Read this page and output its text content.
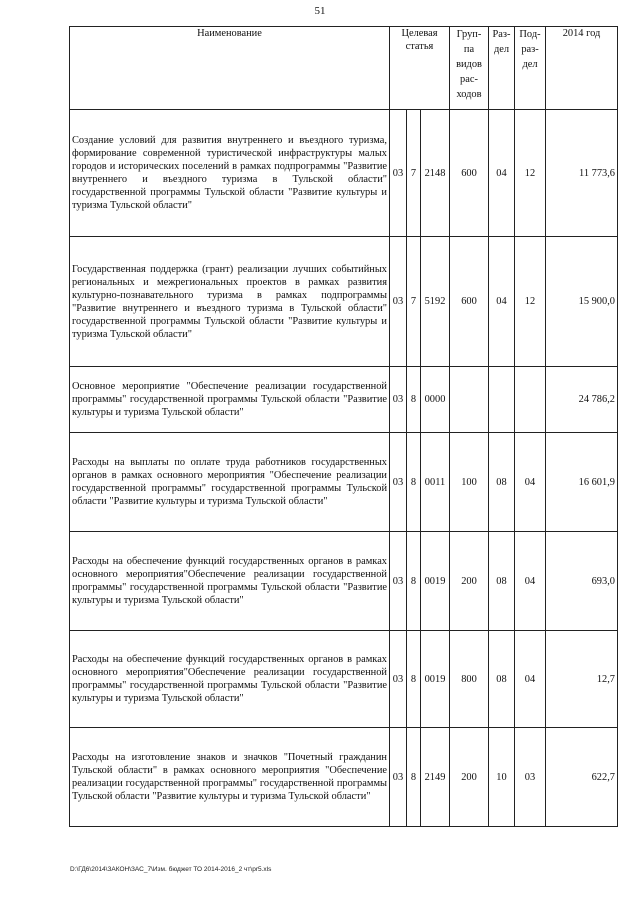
51
Наименование	Целевая статья			Груп-па видов рас-ходов	Раз-дел	Под-раз-дел	2014 год
Создание условий для развития внутреннего и въездного туризма, формирование современной туристической инфраструктуры малых городов и исторических поселений в рамках подпрограммы "Развитие внутреннего и въездного туризма в Тульской области" государственной программы Тульской области "Развитие культуры и туризма Тульской области"	03	7	2148	600	04	12	11 773,6
Государственная поддержка (грант) реализации лучших событийных региональных и межрегиональных проектов в рамках развития культурно-познавательного туризма в рамках подпрограммы "Развитие внутреннего и въездного туризма в Тульской области" государственной программы Тульской области "Развитие культуры и туризма Тульской области"	03	7	5192	600	04	12	15 900,0
Основное мероприятие "Обеспечение реализации государственной программы" государственной программы Тульской области "Развитие культуры и туризма Тульской области"	03	8	0000				24 786,2
Расходы на выплаты по оплате труда работников государственных органов в рамках основного мероприятия "Обеспечение реализации государственной программы" государственной программы Тульской области "Развитие культуры и туризма Тульской области"	03	8	0011	100	08	04	16 601,9
Расходы на обеспечение функций государственных органов в рамках основного мероприятия"Обеспечение реализации государственной программы" государственной программы Тульской области "Развитие культуры и туризма Тульской области"	03	8	0019	200	08	04	693,0
Расходы на обеспечение функций государственных органов в рамках основного мероприятия"Обеспечение реализации государственной программы" государственной программы Тульской области "Развитие культуры и туризма Тульской области"	03	8	0019	800	08	04	12,7
Расходы на изготовление знаков и значков "Почетный гражданин Тульской области" в рамках основного мероприятия "Обеспечение реализации государственной программы" государственной программы Тульской области "Развитие культуры и туризма Тульской области"	03	8	2149	200	10	03	622,7
D:\ГД6\2014\ЗАКОН\ЗАС_7\Изм. бюджет ТО 2014-2016_2 чт\pr5.xls
